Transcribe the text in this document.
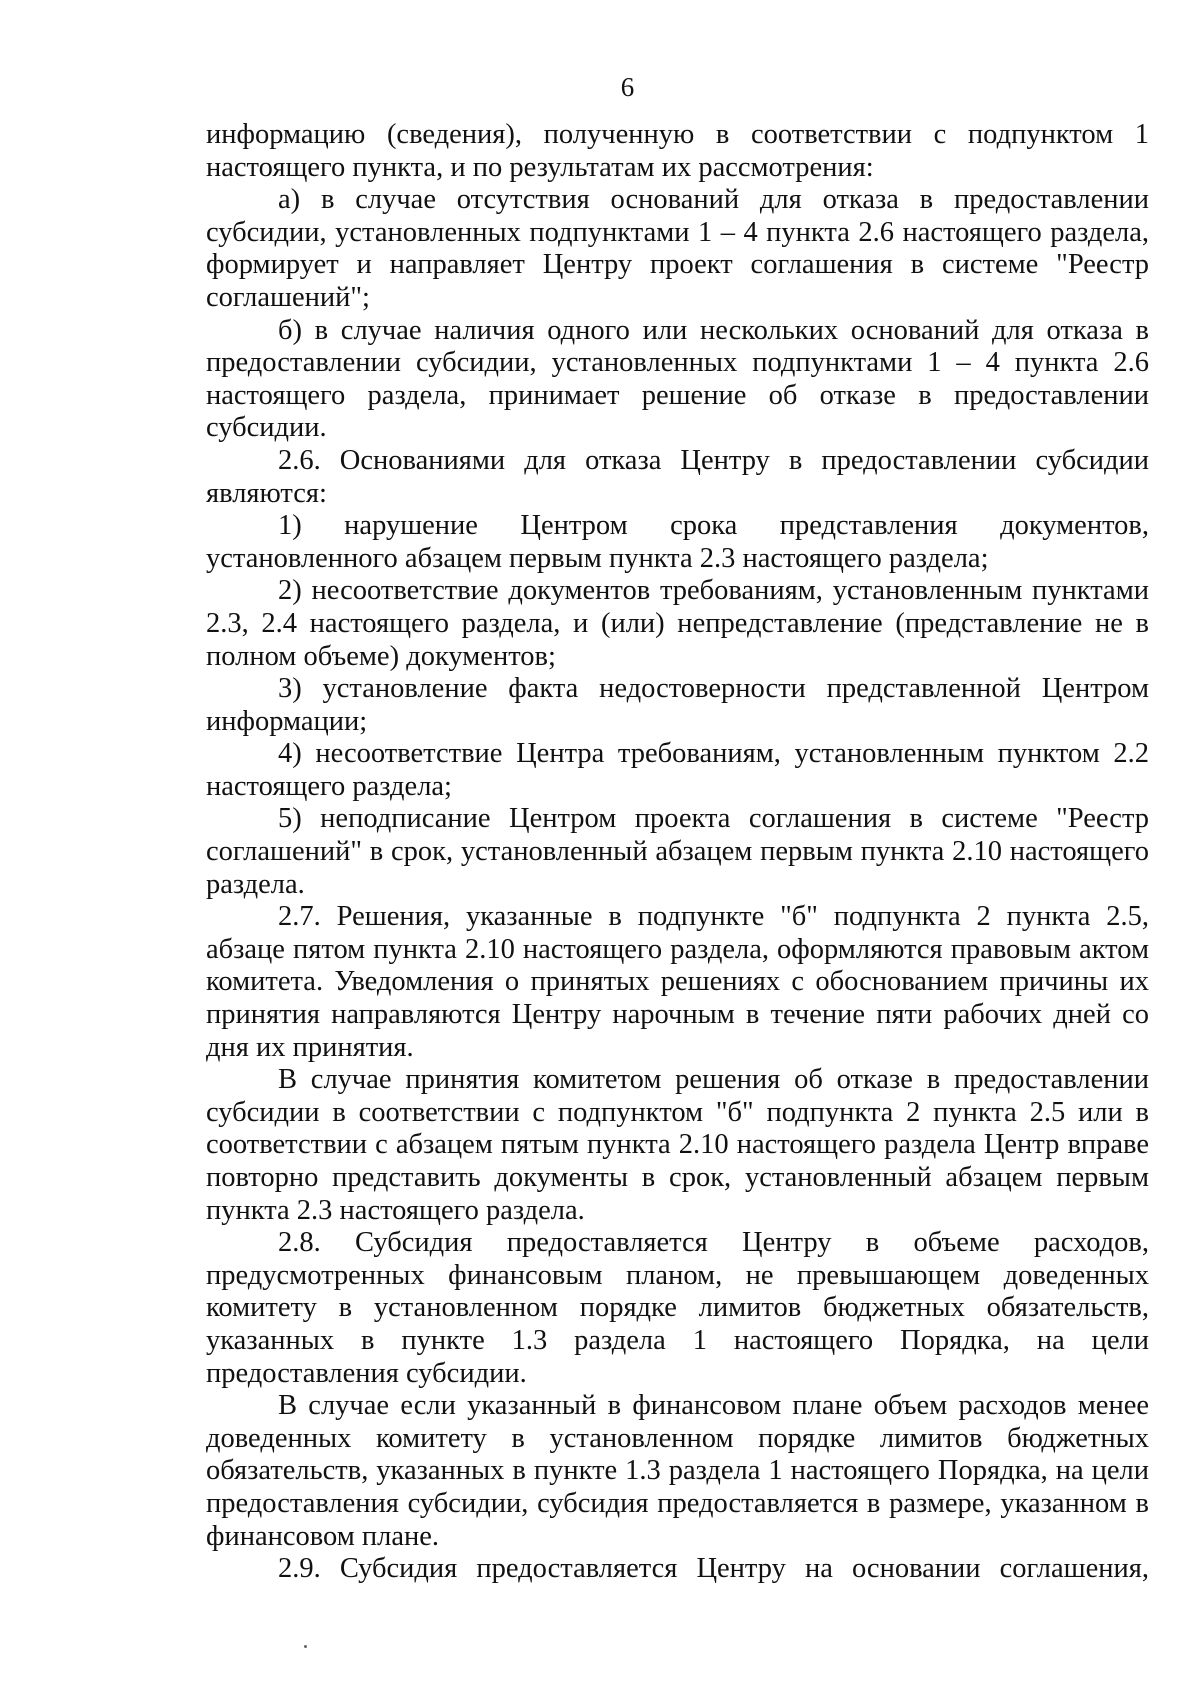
6

информацию (сведения), полученную в соответствии с подпунктом 1 настоящего пункта, и по результатам их рассмотрения:

а) в случае отсутствия оснований для отказа в предоставлении субсидии, установленных подпунктами 1 – 4 пункта 2.6 настоящего раздела, формирует и направляет Центру проект соглашения в системе "Реестр соглашений";

б) в случае наличия одного или нескольких оснований для отказа в предоставлении субсидии, установленных подпунктами 1 – 4 пункта 2.6 настоящего раздела, принимает решение об отказе в предоставлении субсидии.

2.6. Основаниями для отказа Центру в предоставлении субсидии являются:

1) нарушение Центром срока представления документов, установленного абзацем первым пункта 2.3 настоящего раздела;

2) несоответствие документов требованиям, установленным пунктами 2.3, 2.4 настоящего раздела, и (или) непредставление (представление не в полном объеме) документов;

3) установление факта недостоверности представленной Центром информации;

4) несоответствие Центра требованиям, установленным пунктом 2.2 настоящего раздела;

5) неподписание Центром проекта соглашения в системе "Реестр соглашений" в срок, установленный абзацем первым пункта 2.10 настоящего раздела.

2.7. Решения, указанные в подпункте "б" подпункта 2 пункта 2.5, абзаце пятом пункта 2.10 настоящего раздела, оформляются правовым актом комитета. Уведомления о принятых решениях с обоснованием причины их принятия направляются Центру нарочным в течение пяти рабочих дней со дня их принятия.

В случае принятия комитетом решения об отказе в предоставлении субсидии в соответствии с подпунктом "б" подпункта 2 пункта 2.5 или в соответствии с абзацем пятым пункта 2.10 настоящего раздела Центр вправе повторно представить документы в срок, установленный абзацем первым пункта 2.3 настоящего раздела.

2.8. Субсидия предоставляется Центру в объеме расходов, предусмотренных финансовым планом, не превышающем доведенных комитету в установленном порядке лимитов бюджетных обязательств, указанных в пункте 1.3 раздела 1 настоящего Порядка, на цели предоставления субсидии.

В случае если указанный в финансовом плане объем расходов менее доведенных комитету в установленном порядке лимитов бюджетных обязательств, указанных в пункте 1.3 раздела 1 настоящего Порядка, на цели предоставления субсидии, субсидия предоставляется в размере, указанном в финансовом плане.

2.9. Субсидия предоставляется Центру на основании соглашения,
